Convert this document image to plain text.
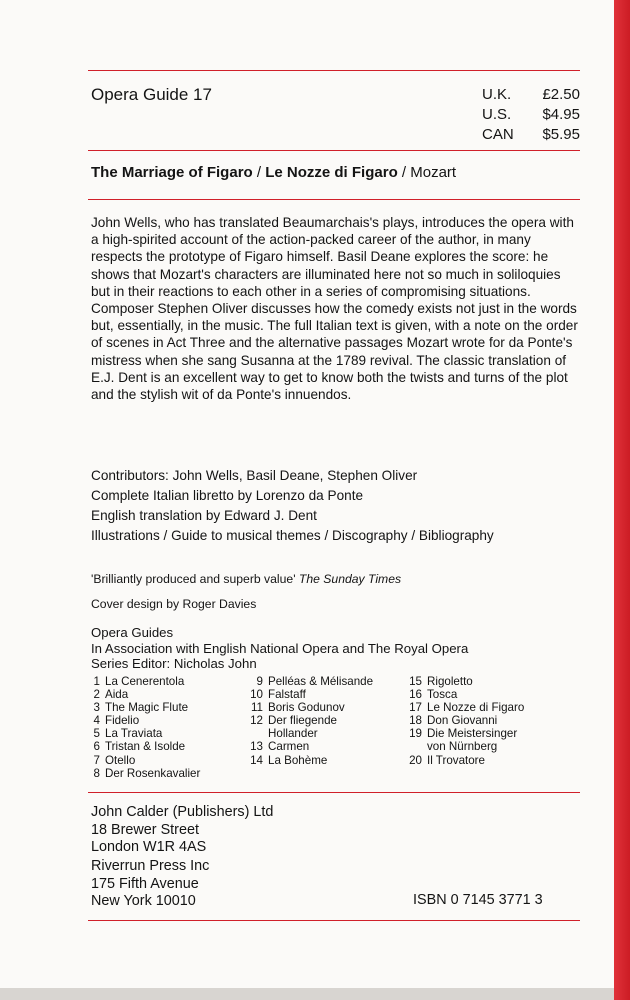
Opera Guide 17	U.K.	£2.50
U.S.	$4.95
CAN	$5.95
The Marriage of Figaro / Le Nozze di Figaro / Mozart

John Wells, who has translated Beaumarchais's plays, introduces the opera with a high-spirited account of the action-packed career of the author, in many respects the prototype of Figaro himself. Basil Deane explores the score: he shows that Mozart's characters are illuminated here not so much in soliloquies but in their reactions to each other in a series of compromising situations. Composer Stephen Oliver discusses how the comedy exists not just in the words but, essentially, in the music. The full Italian text is given, with a note on the order of scenes in Act Three and the alternative passages Mozart wrote for da Ponte's mistress when she sang Susanna at the 1789 revival. The classic translation of E.J. Dent is an excellent way to get to know both the twists and turns of the plot and the stylish wit of da Ponte's innuendos.

Contributors: John Wells, Basil Deane, Stephen Oliver
Complete Italian libretto by Lorenzo da Ponte
English translation by Edward J. Dent
Illustrations / Guide to musical themes / Discography / Bibliography
'Brilliantly produced and superb value' The Sunday Times
Cover design by Roger Davies
Opera Guides
In Association with English National Opera and The Royal Opera
Series Editor: Nicholas John
1 La Cenerentola
2 Aida
3 The Magic Flute
4 Fidelio
5 La Traviata
6 Tristan & Isolde
7 Otello
8 Der Rosenkavalier
9 Pelléas & Mélisande
10 Falstaff
11 Boris Godunov
12 Der fliegende
Hollander
13 Carmen
14 La Bohème
15 Rigoletto
16 Tosca
17 Le Nozze di Figaro
18 Don Giovanni
19 Die Meistersinger
von Nürnberg
20 Il Trovatore
John Calder (Publishers) Ltd
18 Brewer Street
London W1R 4AS
Riverrun Press Inc
175 Fifth Avenue
New York 10010	ISBN 0 7145 3771 3
